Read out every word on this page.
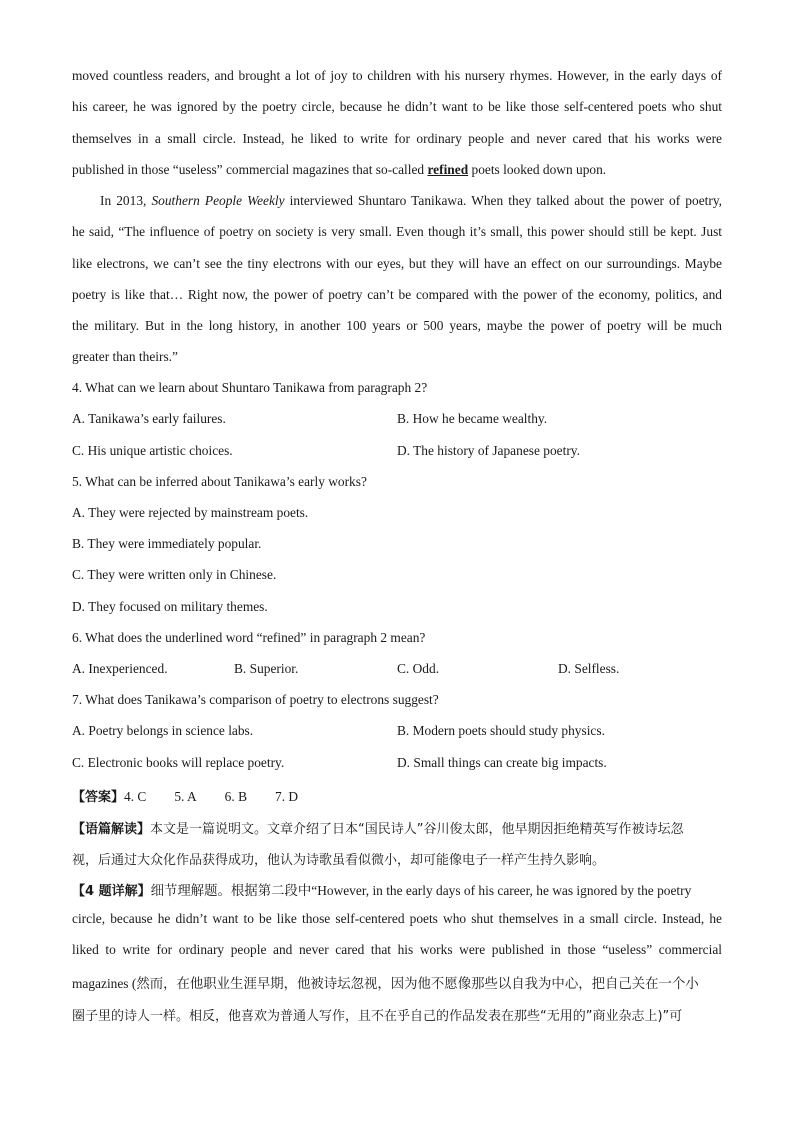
moved countless readers, and brought a lot of joy to children with his nursery rhymes. However, in the early days of
his career, he was ignored by the poetry circle, because he didn’t want to be like those self-centered poets who shut
themselves in a small circle. Instead, he liked to write for ordinary people and never cared that his works were
published in those “useless” commercial magazines that so-called refined poets looked down upon.
In 2013, Southern People Weekly interviewed Shuntaro Tanikawa. When they talked about the power of poetry,
he said, “The influence of poetry on society is very small. Even though it’s small, this power should still be kept. Just
like electrons, we can’t see the tiny electrons with our eyes, but they will have an effect on our surroundings. Maybe
poetry is like that… Right now, the power of poetry can’t be compared with the power of the economy, politics, and
the military. But in the long history, in another 100 years or 500 years, maybe the power of poetry will be much
greater than theirs.”
4. What can we learn about Shuntaro Tanikawa from paragraph 2?
A. Tanikawa’s early failures.	B. How he became wealthy.
C. His unique artistic choices.	D. The history of Japanese poetry.
5. What can be inferred about Tanikawa’s early works?
A. They were rejected by mainstream poets.
B. They were immediately popular.
C. They were written only in Chinese.
D. They focused on military themes.
6. What does the underlined word “refined” in paragraph 2 mean?
A. Inexperienced.	B. Superior.	C. Odd.	D. Selfless.
7. What does Tanikawa’s comparison of poetry to electrons suggest?
A. Poetry belongs in science labs.	B. Modern poets should study physics.
C. Electronic books will replace poetry.	D. Small things can create big impacts.
【答案】4. C 5. A 6. B 7. D
【语篇解读】本文是一篇说明文。文章介绍了日本“国民诗人”谷川俊太郎，他早期因拒绝精英写作被诗坛忽
视，后通过大众化作品获得成功，他认为诗歌虽看似微小，却可能像电子一样产生持久影响。
【4 题详解】细节理解题。根据第二段中“However, in the early days of his career, he was ignored by the poetry
circle, because he didn’t want to be like those self-centered poets who shut themselves in a small circle. Instead, he
liked to write for ordinary people and never cared that his works were published in those “useless” commercial
magazines (然而，在他职业生涯早期，他被诗坛忽视，因为他不愿像那些以自我为中心，把自己关在一个小
圈子里的诗人一样。相反，他喜欢为普通人写作，且不在乎自己的作品发表在那些“无用的”商业杂志上)”可
